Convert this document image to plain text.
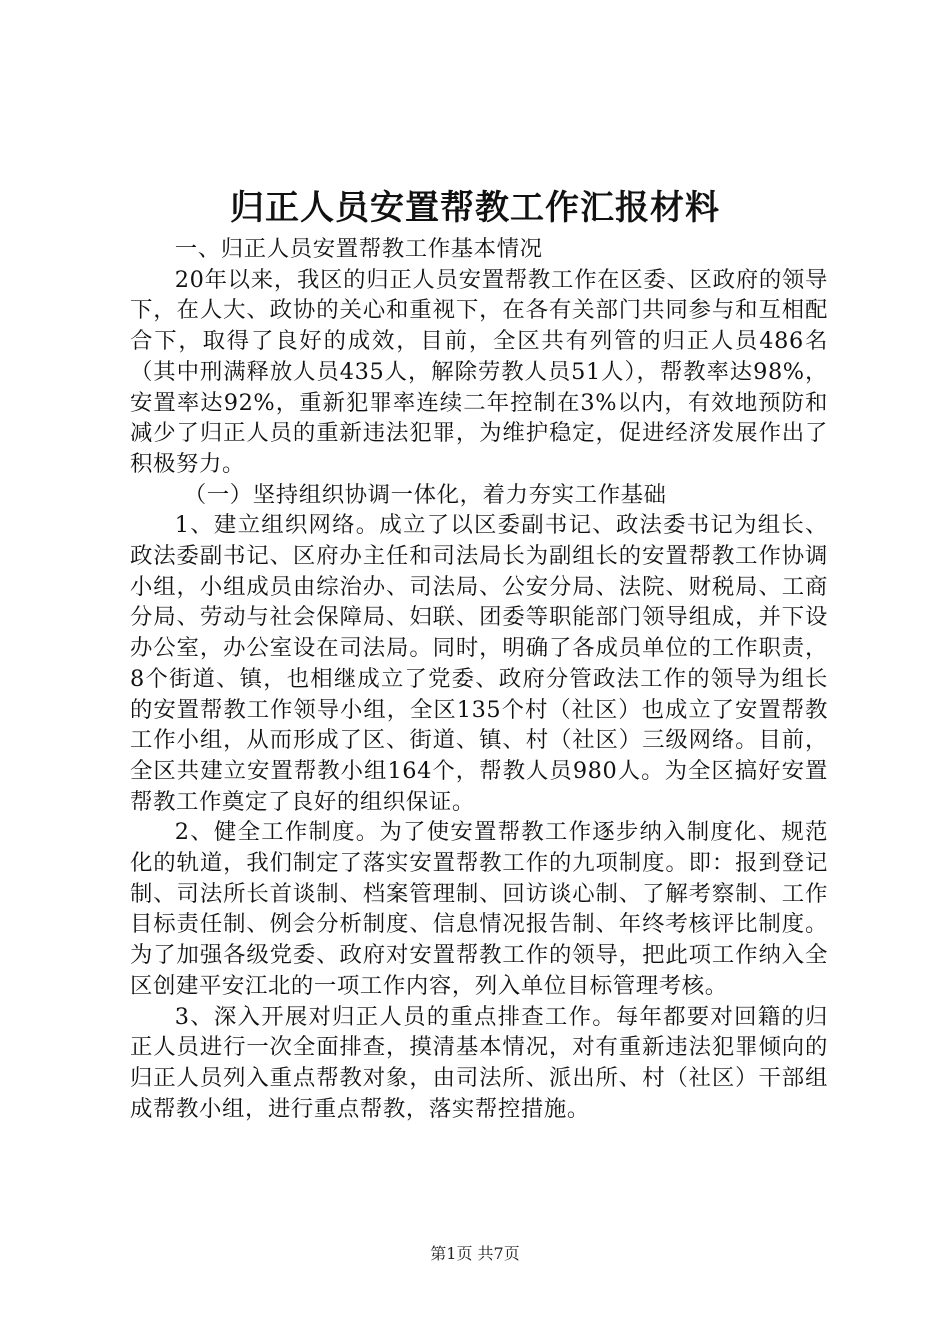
归正人员安置帮教工作汇报材料

一、归正人员安置帮教工作基本情况

20年以来，我区的归正人员安置帮教工作在区委、区政府的领导下，在人大、政协的关心和重视下，在各有关部门共同参与和互相配合下，取得了良好的成效，目前，全区共有列管的归正人员486名（其中刑满释放人员435人，解除劳教人员51人），帮教率达98%，安置率达92%，重新犯罪率连续二年控制在3%以内，有效地预防和减少了归正人员的重新违法犯罪，为维护稳定，促进经济发展作出了积极努力。

（一）坚持组织协调一体化，着力夯实工作基础

1、建立组织网络。成立了以区委副书记、政法委书记为组长、政法委副书记、区府办主任和司法局长为副组长的安置帮教工作协调小组，小组成员由综治办、司法局、公安分局、法院、财税局、工商分局、劳动与社会保障局、妇联、团委等职能部门领导组成，并下设办公室，办公室设在司法局。同时，明确了各成员单位的工作职责，8个街道、镇，也相继成立了党委、政府分管政法工作的领导为组长的安置帮教工作领导小组，全区135个村（社区）也成立了安置帮教工作小组，从而形成了区、街道、镇、村（社区）三级网络。目前，全区共建立安置帮教小组164个，帮教人员980人。为全区搞好安置帮教工作奠定了良好的组织保证。

2、健全工作制度。为了使安置帮教工作逐步纳入制度化、规范化的轨道，我们制定了落实安置帮教工作的九项制度。即：报到登记制、司法所长首谈制、档案管理制、回访谈心制、了解考察制、工作目标责任制、例会分析制度、信息情况报告制、年终考核评比制度。为了加强各级党委、政府对安置帮教工作的领导，把此项工作纳入全区创建平安江北的一项工作内容，列入单位目标管理考核。

3、深入开展对归正人员的重点排查工作。每年都要对回籍的归正人员进行一次全面排查，摸清基本情况，对有重新违法犯罪倾向的归正人员列入重点帮教对象，由司法所、派出所、村（社区）干部组成帮教小组，进行重点帮教，落实帮控措施。

第1页 共7页
